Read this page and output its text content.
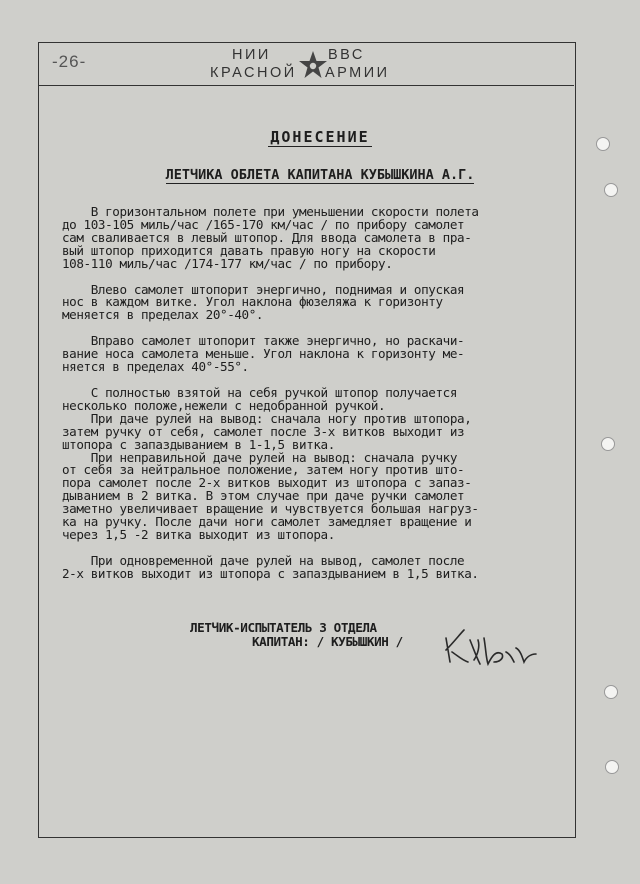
-26-	НИИ
КРАСНОЙ
ВВС
АРМИИ
ДОНЕСЕНИЕ
ЛЕТЧИКА ОБЛЕТА КАПИТАНА КУБЫШКИНА А.Г.

В горизонтальном полете при уменьшении скорости полета

до 103-105 миль/час /165-170 км/час / по прибору самолет

сам сваливается в левый штопор. Для ввода самолета в пра-

вый штопор приходится давать правую ногу на скорости

108-110 миль/час /174-177 км/час / по прибору.

Влево самолет штопорит энергично, поднимая и опуская

нос в каждом витке. Угол наклона фюзеляжа к горизонту

меняется в пределах 20°-40°.

Вправо самолет штопорит также энергично, но раскачи-

вание носа самолета меньше. Угол наклона к горизонту ме-

няется в пределах 40°-55°.

С полностью взятой на себя ручкой штопор получается

несколько положе,нежели с недобранной ручкой.

При даче рулей на вывод: сначала ногу против штопора,

затем ручку от себя, самолет после 3-х витков выходит из

штопора с запаздыванием в 1-1,5 витка.

При неправильной даче рулей на вывод: сначала ручку

от себя за нейтральное положение, затем ногу против што-

пора самолет после 2-х витков выходит из штопора с запаз-

дыванием в 2 витка. В этом случае при даче ручки самолет

заметно увеличивает вращение и чувствуется большая нагруз-

ка на ручку. После дачи ноги самолет замедляет вращение и

через 1,5 -2 витка выходит из штопора.

При одновременной даче рулей на вывод, самолет после

2-х витков выходит из штопора с запаздыванием в 1,5 витка.

ЛЕТЧИК-ИСПЫТАТЕЛЬ 3 ОТДЕЛА
КАПИТАН: / КУБЫШКИН /
